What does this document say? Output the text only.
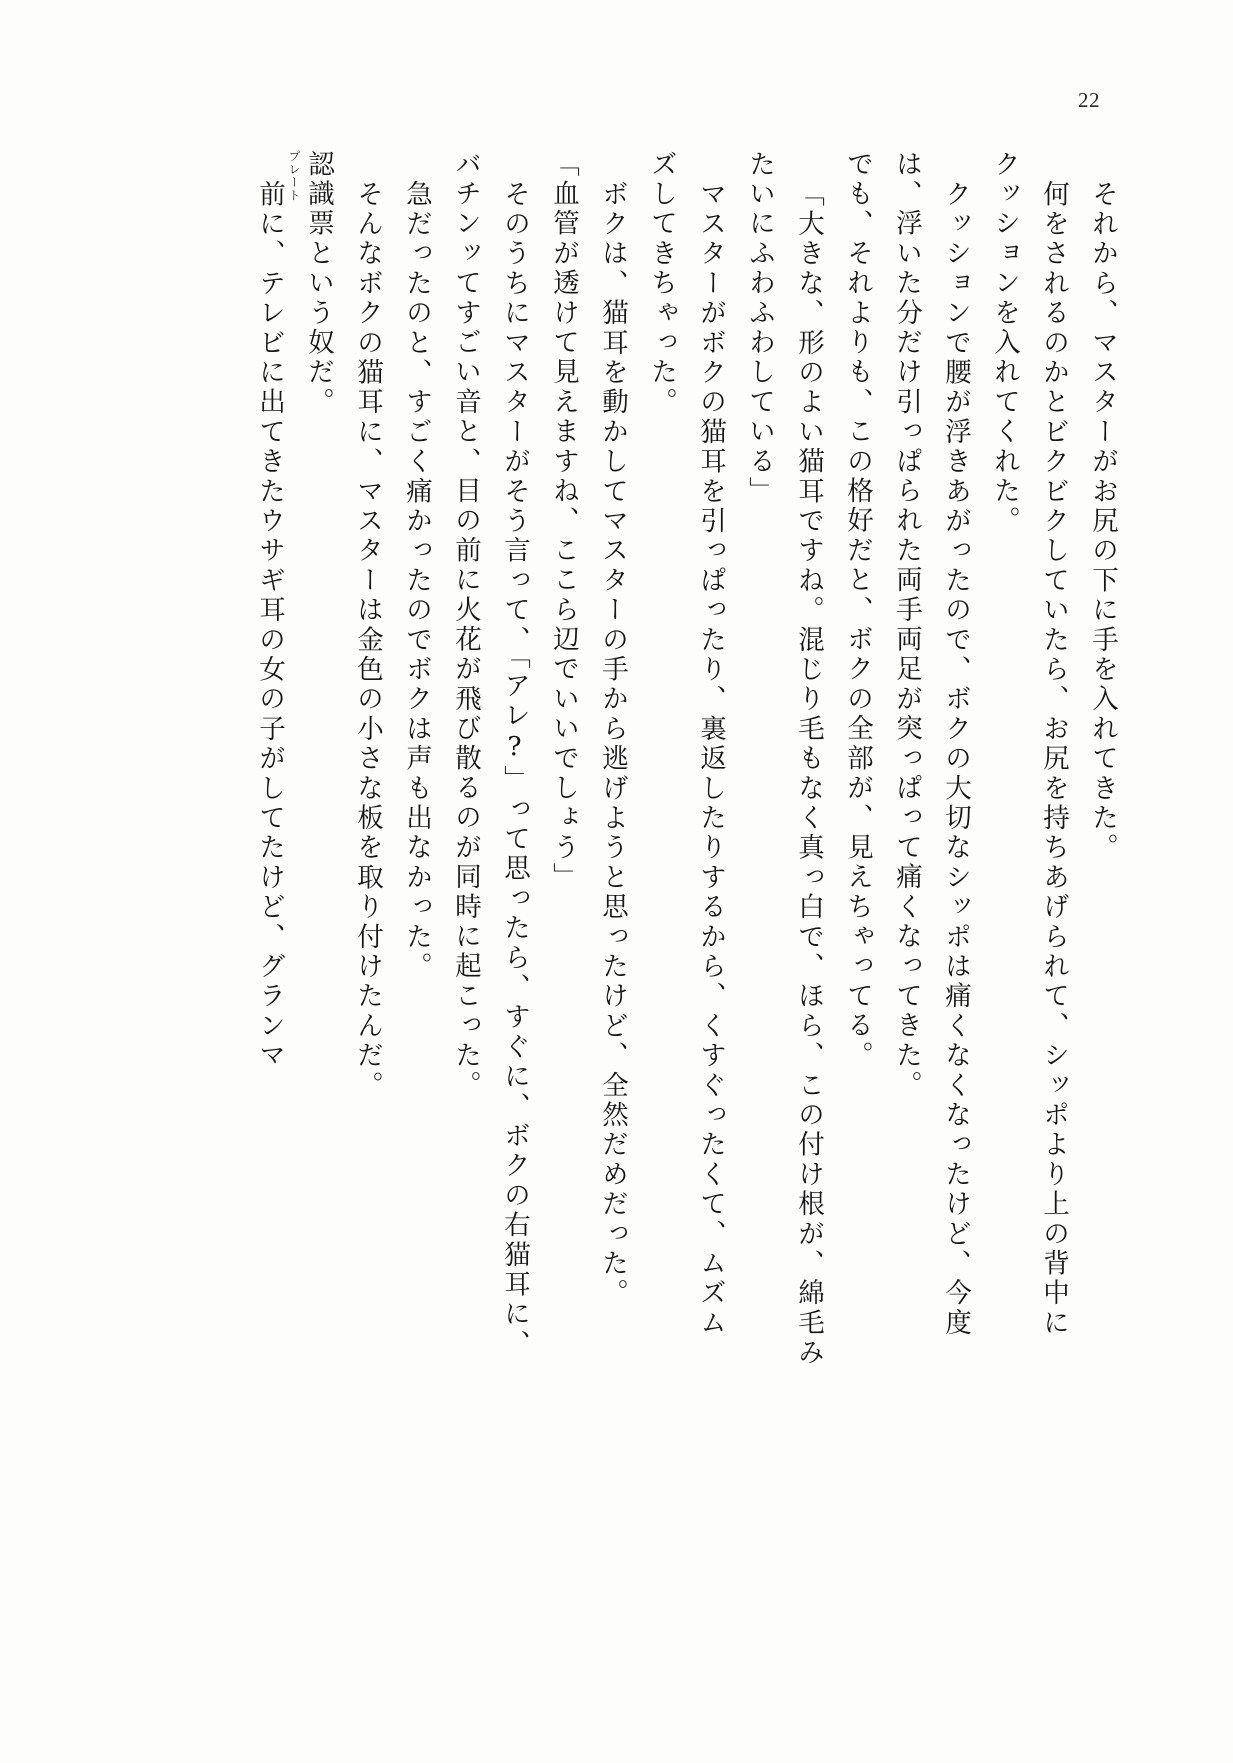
22
それから、マスターがお尻の下に手を入れてきた。
何をされるのかとビクビクしていたら、お尻を持ちあげられて、シッポより上の背中に
クッションを入れてくれた。
クッションで腰が浮きあがったので、ボクの大切なシッポは痛くなくなったけど、今度
は、浮いた分だけ引っぱられた両手両足が突っぱって痛くなってきた。
でも、それよりも、この格好だと、ボクの全部が、見えちゃってる。
「大きな、形のよい猫耳ですね。混じり毛もなく真っ白で、ほら、この付け根が、綿毛み
たいにふわふわしている」
マスターがボクの猫耳を引っぱったり、裏返したりするから、くすぐったくて、ムズム
ズしてきちゃった。
ボクは、猫耳を動かしてマスターの手から逃げようと思ったけど、全然だめだった。
「血管が透けて見えますね、ここら辺でいいでしょう」
そのうちにマスターがそう言って、「アレ?」って思ったら、すぐに、ボクの右猫耳に、
バチンッてすごい音と、目の前に火花が飛び散るのが同時に起こった。
急だったのと、すごく痛かったのでボクは声も出なかった。
そんなボクの猫耳に、マスターは金色の小さな板を取り付けたんだ。
認識票
プレート
という奴だ。
前に、テレビに出てきたウサギ耳の女の子がしてたけど、グランマ
